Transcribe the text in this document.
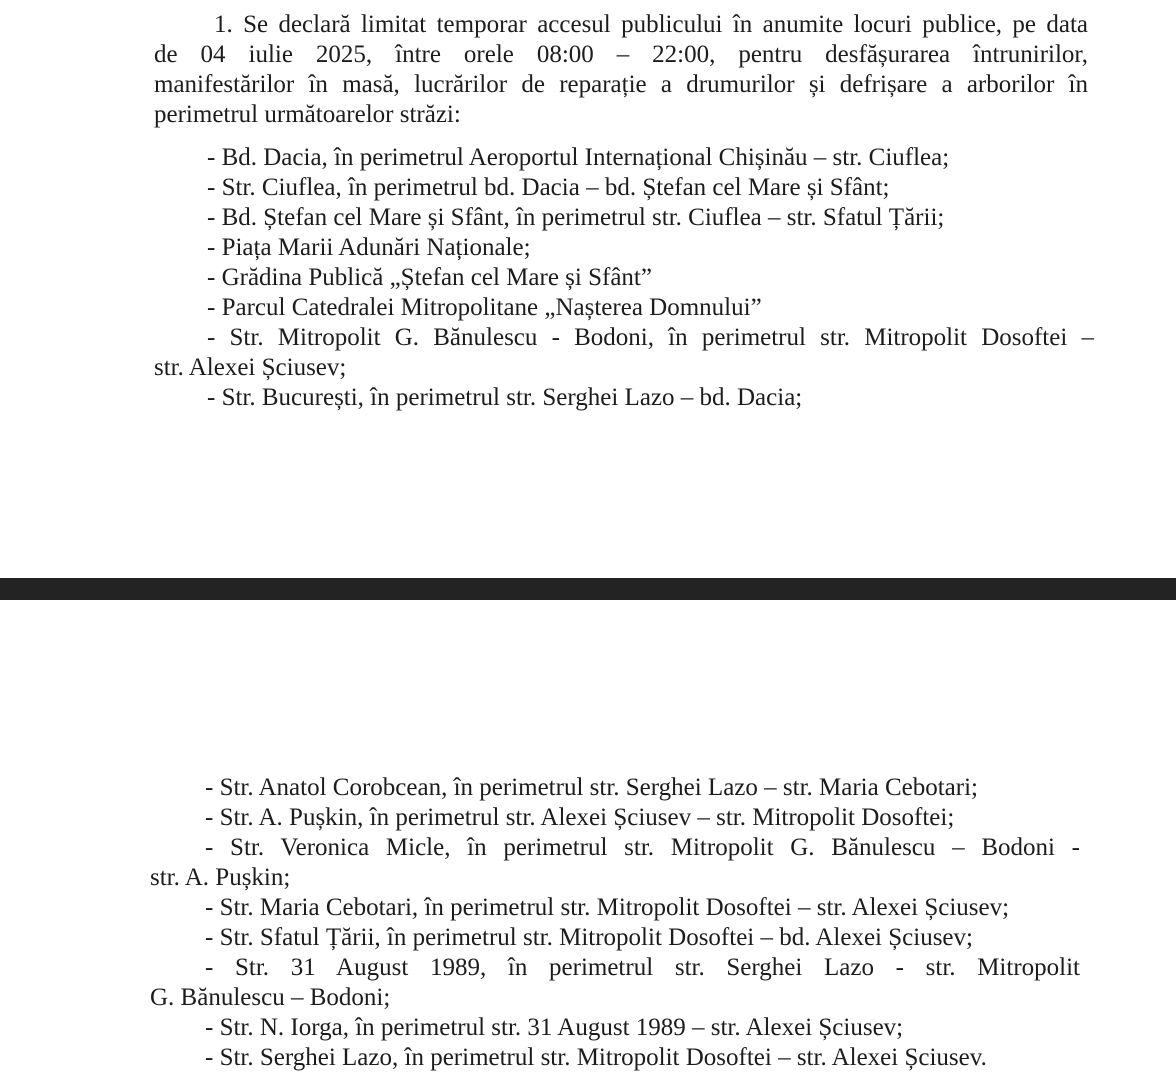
1. Se declară limitat temporar accesul publicului în anumite locuri publice, pe data
de 04 iulie 2025, între orele 08:00 – 22:00, pentru desfășurarea întrunirilor,
manifestărilor în masă, lucrărilor de reparație a drumurilor și defrișare a arborilor în
perimetrul următoarelor străzi:
- Bd. Dacia, în perimetrul Aeroportul Internațional Chișinău – str. Ciuflea;
- Str. Ciuflea, în perimetrul bd. Dacia – bd. Ștefan cel Mare și Sfânt;
- Bd. Ștefan cel Mare și Sfânt, în perimetrul str. Ciuflea – str. Sfatul Țării;
- Piața Marii Adunări Naționale;
- Grădina Publică „Ștefan cel Mare și Sfânt”
- Parcul Catedralei Mitropolitane „Nașterea Domnului”
- Str. Mitropolit G. Bănulescu - Bodoni, în perimetrul str. Mitropolit Dosoftei –
str. Alexei Șciusev;
- Str. București, în perimetrul str. Serghei Lazo – bd. Dacia;
- Str. Anatol Corobcean, în perimetrul str. Serghei Lazo – str. Maria Cebotari;
- Str. A. Pușkin, în perimetrul str. Alexei Șciusev – str. Mitropolit Dosoftei;
- Str. Veronica Micle, în perimetrul str. Mitropolit G. Bănulescu – Bodoni -
str. A. Pușkin;
- Str. Maria Cebotari, în perimetrul str. Mitropolit Dosoftei – str. Alexei Șciusev;
- Str. Sfatul Țării, în perimetrul str. Mitropolit Dosoftei – bd. Alexei Șciusev;
- Str. 31 August 1989, în perimetrul str. Serghei Lazo - str. Mitropolit
G. Bănulescu – Bodoni;
- Str. N. Iorga, în perimetrul str. 31 August 1989 – str. Alexei Șciusev;
- Str. Serghei Lazo, în perimetrul str. Mitropolit Dosoftei – str. Alexei Șciusev.
